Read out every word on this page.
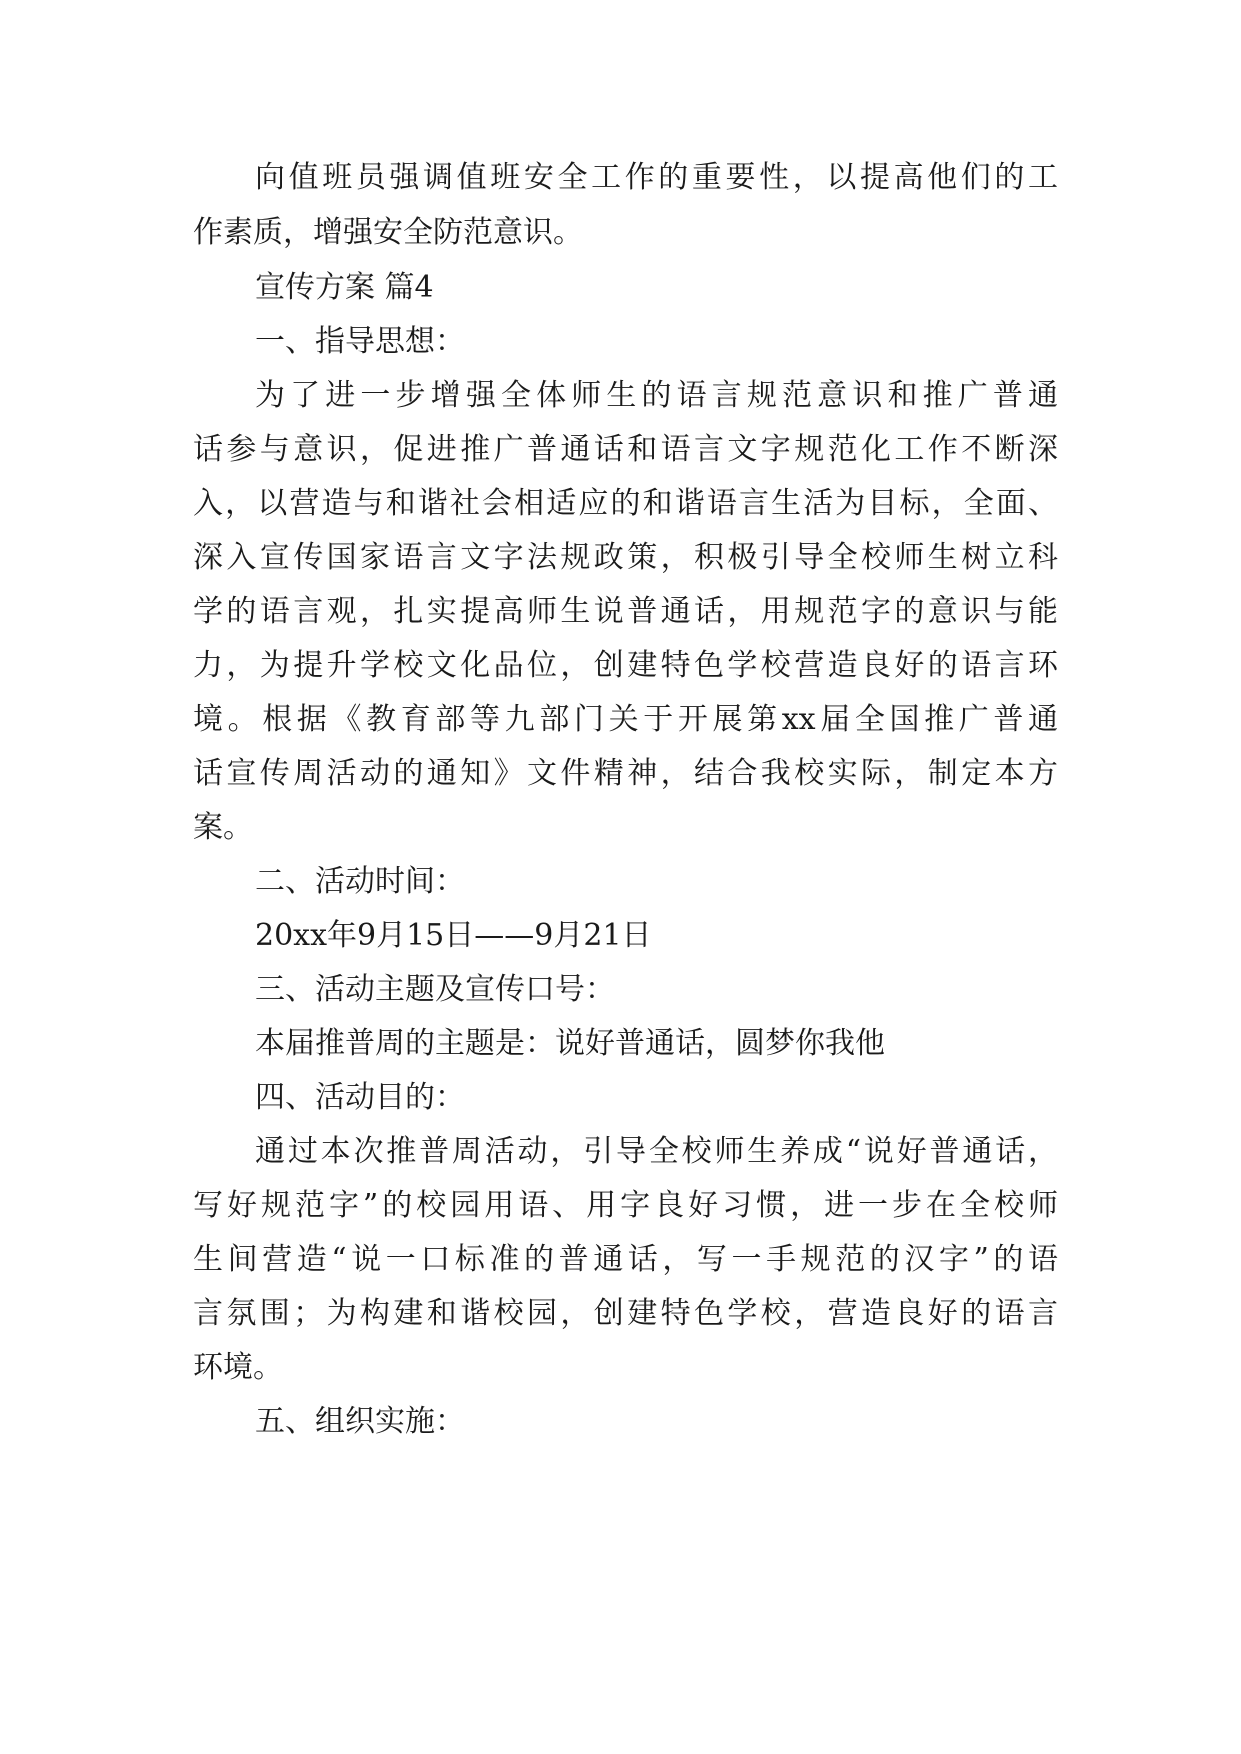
向值班员强调值班安全工作的重要性，以提高他们的工
作素质，增强安全防范意识。
宣传方案 篇4
一、指导思想：
为了进一步增强全体师生的语言规范意识和推广普通
话参与意识，促进推广普通话和语言文字规范化工作不断深
入，以营造与和谐社会相适应的和谐语言生活为目标，全面、
深入宣传国家语言文字法规政策，积极引导全校师生树立科
学的语言观，扎实提高师生说普通话，用规范字的意识与能
力，为提升学校文化品位，创建特色学校营造良好的语言环
境。根据《教育部等九部门关于开展第xx届全国推广普通
话宣传周活动的通知》文件精神，结合我校实际，制定本方
案。
二、活动时间：
20xx年9月15日——9月21日
三、活动主题及宣传口号：
本届推普周的主题是：说好普通话，圆梦你我他
四、活动目的：
通过本次推普周活动，引导全校师生养成“说好普通话，
写好规范字”的校园用语、用字良好习惯，进一步在全校师
生间营造“说一口标准的普通话，写一手规范的汉字”的语
言氛围；为构建和谐校园，创建特色学校，营造良好的语言
环境。
五、组织实施：
